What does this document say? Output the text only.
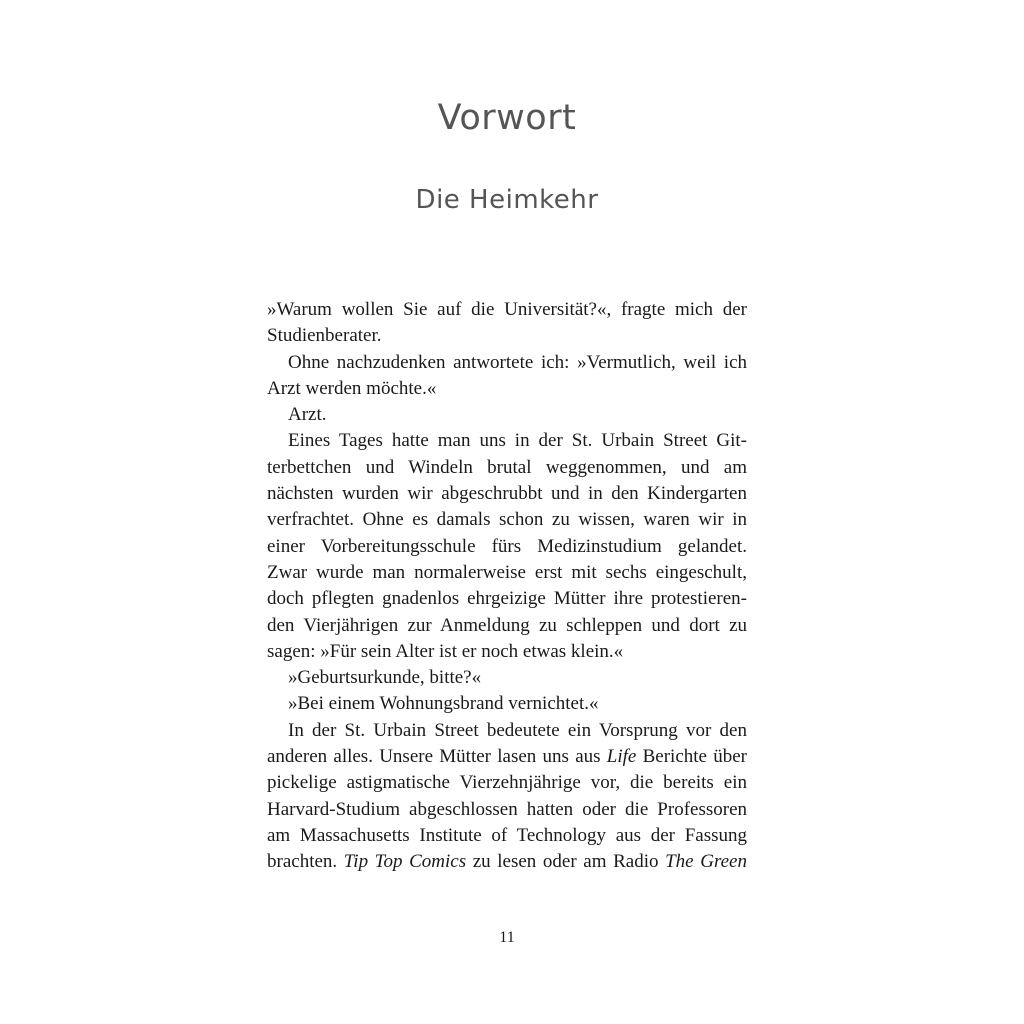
Vorwort
Die Heimkehr
»Warum wollen Sie auf die Universität?«, fragte mich der
Studienberater.
Ohne nachzudenken antwortete ich: »Vermutlich, weil ich
Arzt werden möchte.«
Arzt.
Eines Tages hatte man uns in der St. Urbain Street Git-
terbettchen und Windeln brutal weggenommen, und am
nächsten wurden wir abgeschrubbt und in den Kindergarten
verfrachtet. Ohne es damals schon zu wissen, waren wir in
einer Vorbereitungsschule fürs Medizinstudium gelandet.
Zwar wurde man normalerweise erst mit sechs eingeschult,
doch pflegten gnadenlos ehrgeizige Mütter ihre protestieren-
den Vierjährigen zur Anmeldung zu schleppen und dort zu
sagen: »Für sein Alter ist er noch etwas klein.«
»Geburtsurkunde, bitte?«
»Bei einem Wohnungsbrand vernichtet.«
In der St. Urbain Street bedeutete ein Vorsprung vor den
anderen alles. Unsere Mütter lasen uns aus Life Berichte über
pickelige astigmatische Vierzehnjährige vor, die bereits ein
Harvard-Studium abgeschlossen hatten oder die Professoren
am Massachusetts Institute of Technology aus der Fassung
brachten. Tip Top Comics zu lesen oder am Radio The Green
11
